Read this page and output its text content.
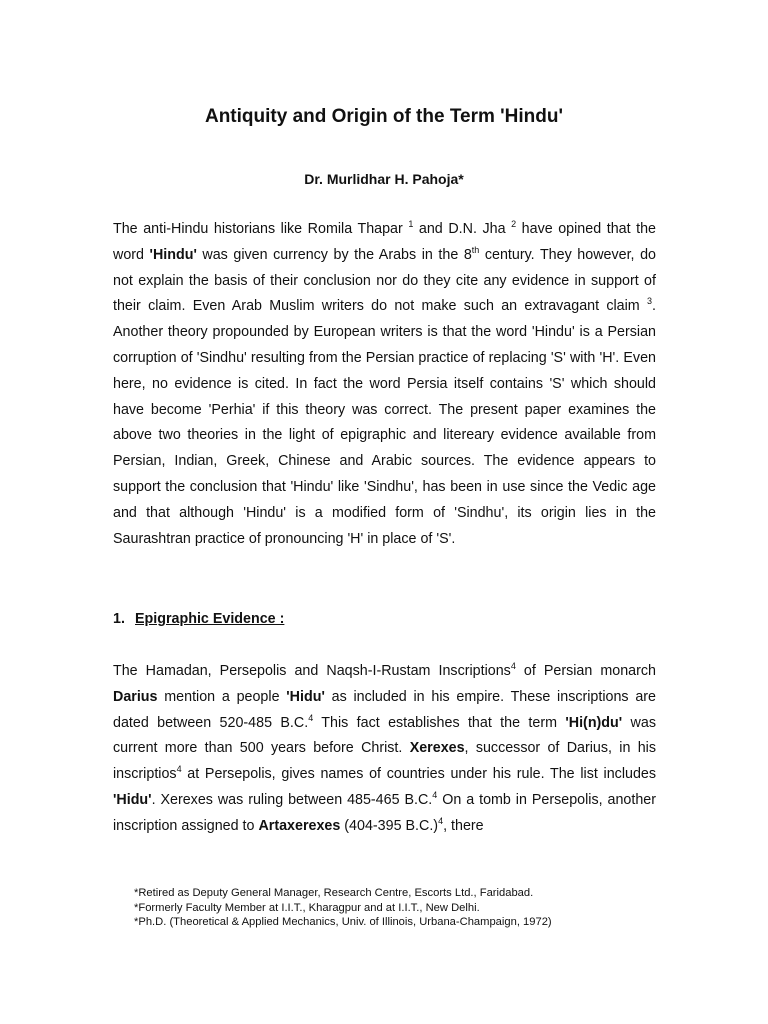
Antiquity and Origin of the Term 'Hindu'

Dr. Murlidhar H. Pahoja*

The anti-Hindu historians like Romila Thapar $^1$ and D.N. Jha $^2$ have opined that the word 'Hindu' was given currency by the Arabs in the 8th century. They however, do not explain the basis of their conclusion nor do they cite any evidence in support of their claim. Even Arab Muslim writers do not make such an extravagant claim $^3$. Another theory propounded by European writers is that the word 'Hindu' is a Persian corruption of 'Sindhu' resulting from the Persian practice of replacing 'S' with 'H'. Even here, no evidence is cited. In fact the word Persia itself contains 'S' which should have become 'Perhia' if this theory was correct. The present paper examines the above two theories in the light of epigraphic and litereary evidence available from Persian, Indian, Greek, Chinese and Arabic sources. The evidence appears to support the conclusion that 'Hindu' like 'Sindhu', has been in use since the Vedic age and that although 'Hindu' is a modified form of 'Sindhu', its origin lies in the Saurashtran practice of pronouncing 'H' in place of 'S'.

1. Epigraphic Evidence :

The Hamadan, Persepolis and Naqsh-I-Rustam Inscriptions$^4$ of Persian monarch Darius mention a people 'Hidu' as included in his empire. These inscriptions are dated between 520-485 B.C.$^4$ This fact establishes that the term 'Hi(n)du' was current more than 500 years before Christ. Xerexes, successor of Darius, in his inscriptios$^4$ at Persepolis, gives names of countries under his rule. The list includes 'Hidu'. Xerexes was ruling between 485-465 B.C.$^4$ On a tomb in Persepolis, another inscription assigned to Artaxerexes (404-395 B.C.)$^4$, there

*Retired as Deputy General Manager, Research Centre, Escorts Ltd., Faridabad.
*Formerly Faculty Member at I.I.T., Kharagpur and at I.I.T., New Delhi.
*Ph.D. (Theoretical & Applied Mechanics, Univ. of Illinois, Urbana-Champaign, 1972)
